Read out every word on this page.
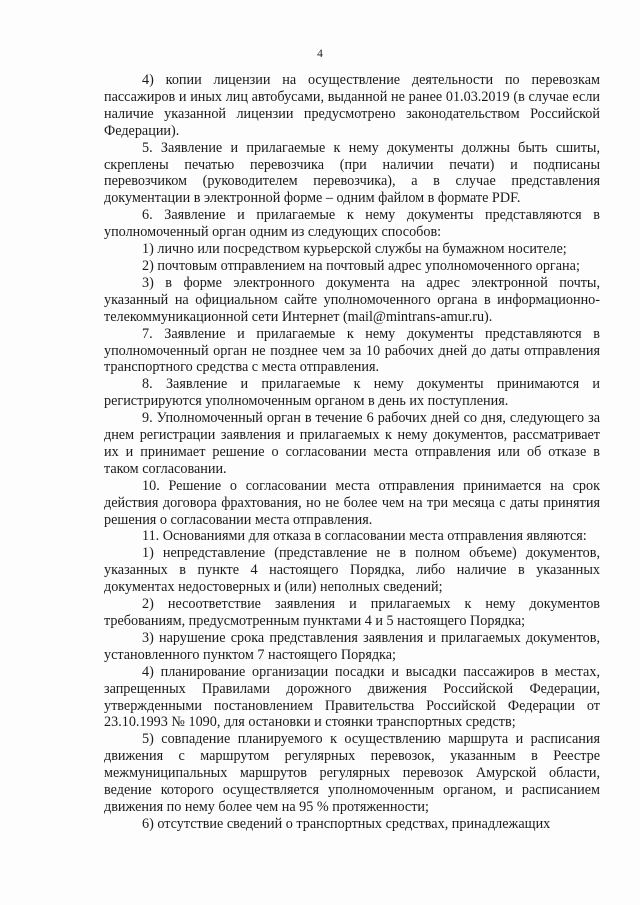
4

4) копии лицензии на осуществление деятельности по перевозкам пассажиров и иных лиц автобусами, выданной не ранее 01.03.2019 (в случае если наличие указанной лицензии предусмотрено законодательством Российской Федерации).

5. Заявление и прилагаемые к нему документы должны быть сшиты, скреплены печатью перевозчика (при наличии печати) и подписаны перевозчиком (руководителем перевозчика), а в случае представления документации в электронной форме – одним файлом в формате PDF.

6. Заявление и прилагаемые к нему документы представляются в уполномоченный орган одним из следующих способов:

1) лично или посредством курьерской службы на бумажном носителе;

2) почтовым отправлением на почтовый адрес уполномоченного органа;

3) в форме электронного документа на адрес электронной почты, указанный на официальном сайте уполномоченного органа в информационно-телекоммуникационной сети Интернет (mail@mintrans-amur.ru).

7. Заявление и прилагаемые к нему документы представляются в уполномоченный орган не позднее чем за 10 рабочих дней до даты отправления транспортного средства с места отправления.

8. Заявление и прилагаемые к нему документы принимаются и регистрируются уполномоченным органом в день их поступления.

9. Уполномоченный орган в течение 6 рабочих дней со дня, следующего за днем регистрации заявления и прилагаемых к нему документов, рассматривает их и принимает решение о согласовании места отправления или об отказе в таком согласовании.

10. Решение о согласовании места отправления принимается на срок действия договора фрахтования, но не более чем на три месяца с даты принятия решения о согласовании места отправления.

11. Основаниями для отказа в согласовании места отправления являются:

1) непредставление (представление не в полном объеме) документов, указанных в пункте 4 настоящего Порядка, либо наличие в указанных документах недостоверных и (или) неполных сведений;

2) несоответствие заявления и прилагаемых к нему документов требованиям, предусмотренным пунктами 4 и 5 настоящего Порядка;

3) нарушение срока представления заявления и прилагаемых документов, установленного пунктом 7 настоящего Порядка;

4) планирование организации посадки и высадки пассажиров в местах, запрещенных Правилами дорожного движения Российской Федерации, утвержденными постановлением Правительства Российской Федерации от 23.10.1993 № 1090, для остановки и стоянки транспортных средств;

5) совпадение планируемого к осуществлению маршрута и расписания движения с маршрутом регулярных перевозок, указанным в Реестре межмуниципальных маршрутов регулярных перевозок Амурской области, ведение которого осуществляется уполномоченным органом, и расписанием движения по нему более чем на 95 % протяженности;

6) отсутствие сведений о транспортных средствах, принадлежащих
